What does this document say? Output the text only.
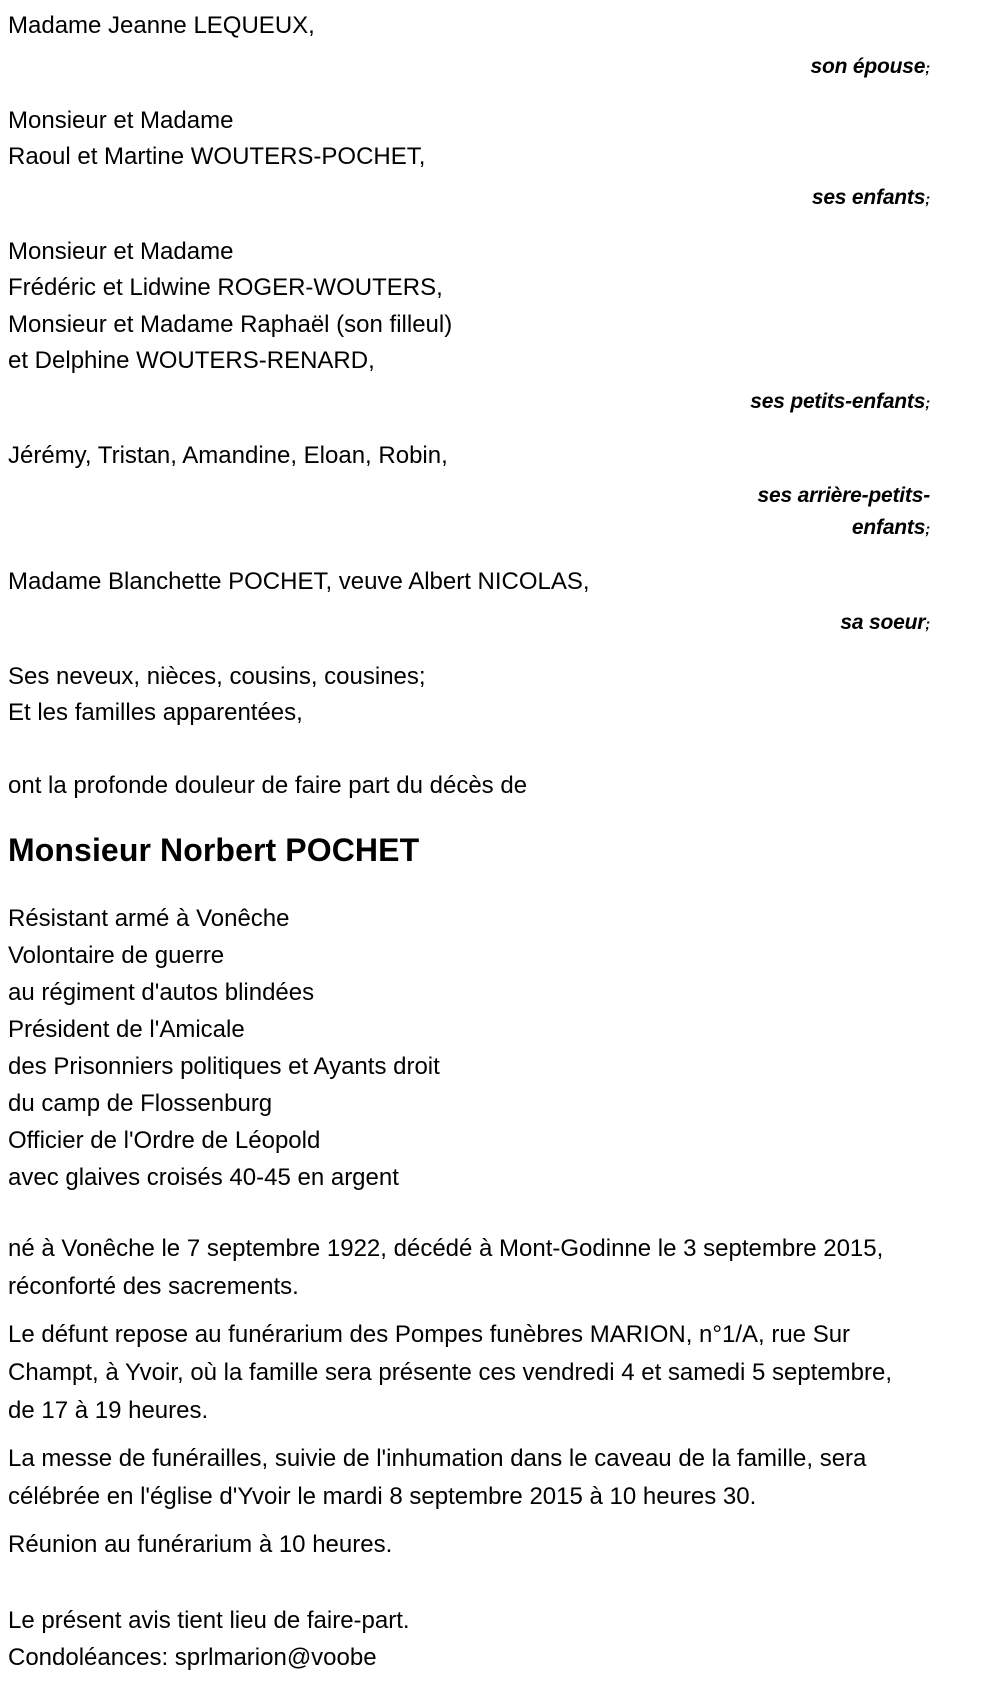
Madame Jeanne LEQUEUX,
son épouse;
Monsieur et Madame
Raoul et Martine WOUTERS-POCHET,
ses enfants;
Monsieur et Madame
Frédéric et Lidwine ROGER-WOUTERS,
Monsieur et Madame Raphaël (son filleul)
et Delphine WOUTERS-RENARD,
ses petits-enfants;
Jérémy, Tristan, Amandine, Eloan, Robin,
ses arrière-petits-
enfants;
Madame Blanchette POCHET, veuve Albert NICOLAS,
sa soeur;
Ses neveux, nièces, cousins, cousines;
Et les familles apparentées,
ont la profonde douleur de faire part du décès de
Monsieur Norbert POCHET
Résistant armé à Vonêche
Volontaire de guerre
au régiment d'autos blindées
Président de l'Amicale
des Prisonniers politiques et Ayants droit
du camp de Flossenburg
Officier de l'Ordre de Léopold
avec glaives croisés 40-45 en argent
né à Vonêche le 7 septembre 1922, décédé à Mont-Godinne le 3 septembre 2015, réconforté des sacrements.
Le défunt repose au funérarium des Pompes funèbres MARION, n°1/A, rue Sur Champt, à Yvoir, où la famille sera présente ces vendredi 4 et samedi 5 septembre, de 17 à 19 heures.
La messe de funérailles, suivie de l'inhumation dans le caveau de la famille, sera célébrée en l'église d'Yvoir le mardi 8 septembre 2015 à 10 heures 30.
Réunion au funérarium à 10 heures.
Le présent avis tient lieu de faire-part.
Condoléances: sprlmarion@voobe
